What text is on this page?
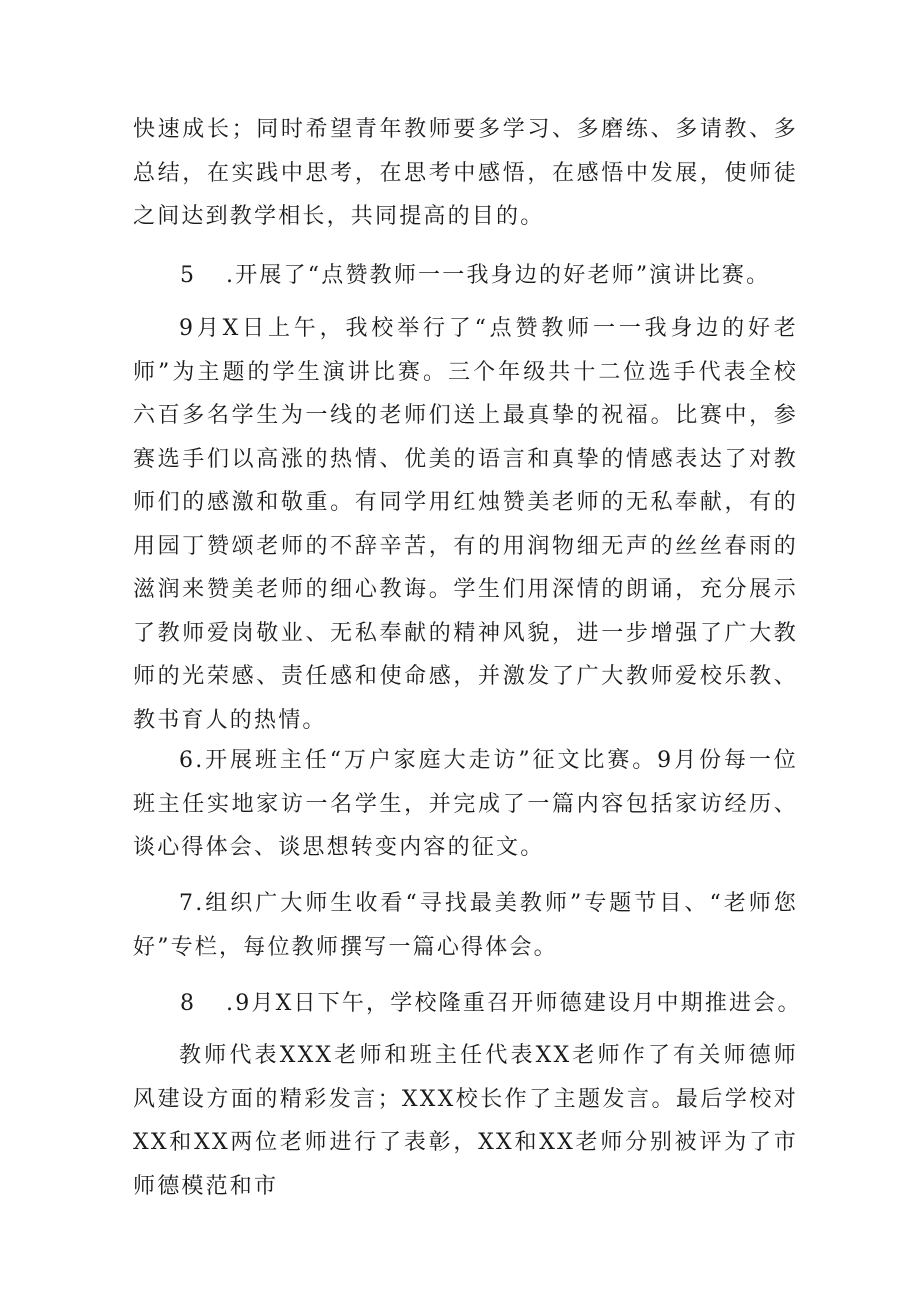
快速成长；同时希望青年教师要多学习、多磨练、多请教、多总结，在实践中思考，在思考中感悟，在感悟中发展，使师徒之间达到教学相长，共同提高的目的。

5 .开展了“点赞教师一一我身边的好老师”演讲比赛。

9月X日上午，我校举行了“点赞教师一一我身边的好老师”为主题的学生演讲比赛。三个年级共十二位选手代表全校六百多名学生为一线的老师们送上最真挚的祝福。比赛中，参赛选手们以高涨的热情、优美的语言和真挚的情感表达了对教师们的感激和敬重。有同学用红烛赞美老师的无私奉献，有的用园丁赞颂老师的不辞辛苦，有的用润物细无声的丝丝春雨的滋润来赞美老师的细心教诲。学生们用深情的朗诵，充分展示了教师爱岗敬业、无私奉献的精神风貌，进一步增强了广大教师的光荣感、责任感和使命感，并激发了广大教师爱校乐教、教书育人的热情。

6.开展班主任“万户家庭大走访”征文比赛。9月份每一位班主任实地家访一名学生，并完成了一篇内容包括家访经历、谈心得体会、谈思想转变内容的征文。

7.组织广大师生收看“寻找最美教师”专题节目、“老师您好”专栏，每位教师撰写一篇心得体会。

8 .9月X日下午，学校隆重召开师德建设月中期推进会。

教师代表XXX老师和班主任代表XX老师作了有关师德师风建设方面的精彩发言；XXX校长作了主题发言。最后学校对XX和XX两位老师进行了表彰，XX和XX老师分别被评为了市师德模范和市
